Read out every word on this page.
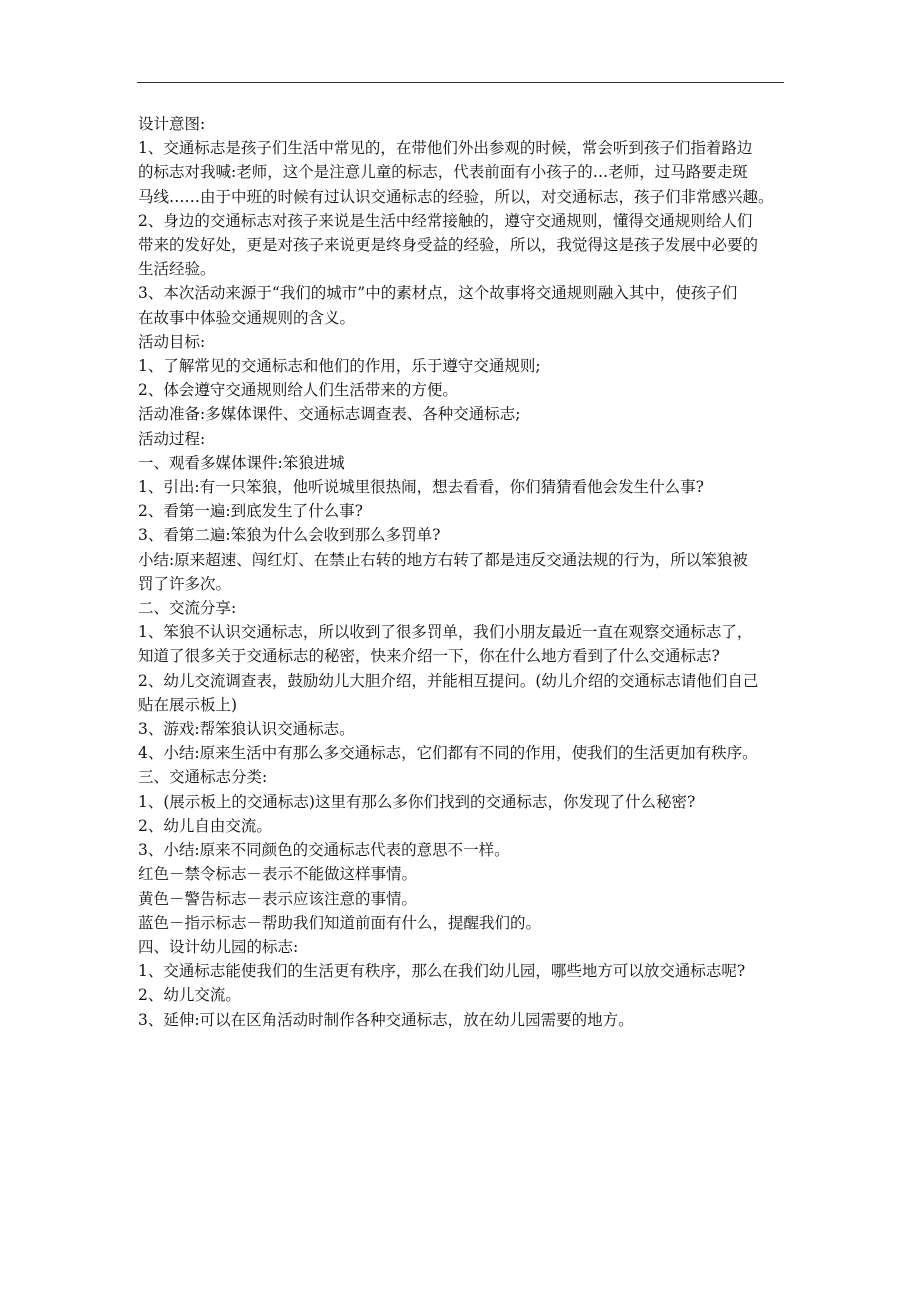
设计意图:
1、交通标志是孩子们生活中常见的，在带他们外出参观的时候，常会听到孩子们指着路边
的标志对我喊:老师，这个是注意儿童的标志，代表前面有小孩子的…老师，过马路要走斑
马线……由于中班的时候有过认识交通标志的经验，所以，对交通标志，孩子们非常感兴趣。
2、身边的交通标志对孩子来说是生活中经常接触的，遵守交通规则，懂得交通规则给人们
带来的发好处，更是对孩子来说更是终身受益的经验，所以，我觉得这是孩子发展中必要的
生活经验。
3、本次活动来源于“我们的城市”中的素材点，这个故事将交通规则融入其中，使孩子们
在故事中体验交通规则的含义。
活动目标:
1、了解常见的交通标志和他们的作用，乐于遵守交通规则;
2、体会遵守交通规则给人们生活带来的方便。
活动准备:多媒体课件、交通标志调查表、各种交通标志;
活动过程:
一、观看多媒体课件:笨狼进城
1、引出:有一只笨狼，他听说城里很热闹，想去看看，你们猜猜看他会发生什么事?
2、看第一遍:到底发生了什么事?
3、看第二遍:笨狼为什么会收到那么多罚单?
小结:原来超速、闯红灯、在禁止右转的地方右转了都是违反交通法规的行为，所以笨狼被
罚了许多次。
二、交流分享:
1、笨狼不认识交通标志，所以收到了很多罚单，我们小朋友最近一直在观察交通标志了，
知道了很多关于交通标志的秘密，快来介绍一下，你在什么地方看到了什么交通标志?
2、幼儿交流调查表，鼓励幼儿大胆介绍，并能相互提问。(幼儿介绍的交通标志请他们自己
贴在展示板上)
3、游戏:帮笨狼认识交通标志。
4、小结:原来生活中有那么多交通标志，它们都有不同的作用，使我们的生活更加有秩序。
三、交通标志分类:
1、(展示板上的交通标志)这里有那么多你们找到的交通标志，你发现了什么秘密?
2、幼儿自由交流。
3、小结:原来不同颜色的交通标志代表的意思不一样。
红色－禁令标志－表示不能做这样事情。
黄色－警告标志－表示应该注意的事情。
蓝色－指示标志－帮助我们知道前面有什么，提醒我们的。
四、设计幼儿园的标志:
1、交通标志能使我们的生活更有秩序，那么在我们幼儿园，哪些地方可以放交通标志呢?
2、幼儿交流。
3、延伸:可以在区角活动时制作各种交通标志，放在幼儿园需要的地方。
